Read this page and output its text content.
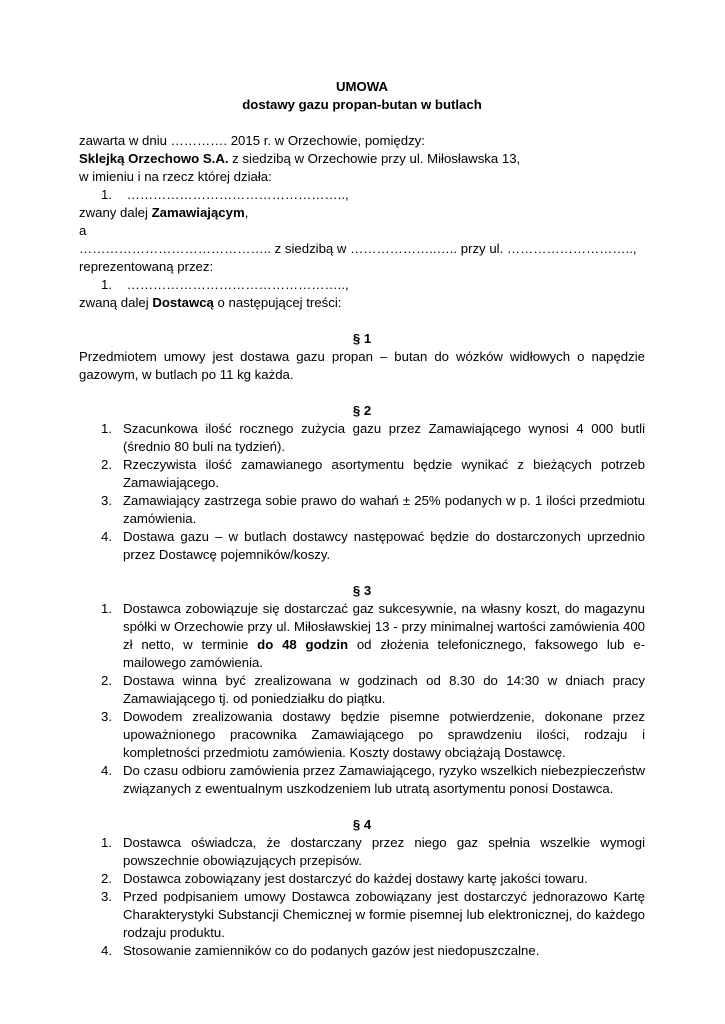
UMOWA

dostawy gazu propan-butan w butlach

zawarta w dniu …………. 2015 r. w Orzechowie, pomiędzy:

Sklejką Orzechowo S.A. z siedzibą w Orzechowie przy ul. Miłosławska 13,

w imieniu i na rzecz której działa:

1. …………………………………………..,

zwany dalej Zamawiającym,

a

…………………………………….. z siedzibą w ………………..….. przy ul. ………………………..,

reprezentowaną przez:

1. …………………………………………..,

zwaną dalej Dostawcą o następującej treści:

§ 1

Przedmiotem umowy jest dostawa gazu propan – butan do wózków widłowych o napędzie gazowym, w butlach po 11 kg każda.

§ 2

1. Szacunkowa ilość rocznego zużycia gazu przez Zamawiającego wynosi 4 000 butli (średnio 80 buli na tydzień).
2. Rzeczywista ilość zamawianego asortymentu będzie wynikać z bieżących potrzeb Zamawiającego.
3. Zamawiający zastrzega sobie prawo do wahań ± 25% podanych w p. 1 ilości przedmiotu zamówienia.
4. Dostawa gazu – w butlach dostawcy następować będzie do dostarczonych uprzednio przez Dostawcę pojemników/koszy.

§ 3

1. Dostawca zobowiązuje się dostarczać gaz sukcesywnie, na własny koszt, do magazynu spółki w Orzechowie przy ul. Miłosławskiej 13 - przy minimalnej wartości zamówienia 400 zł netto, w terminie do 48 godzin od złożenia telefonicznego, faksowego lub e-mailowego zamówienia.
2. Dostawa winna być zrealizowana w godzinach od 8.30 do 14:30 w dniach pracy Zamawiającego tj. od poniedziałku do piątku.
3. Dowodem zrealizowania dostawy będzie pisemne potwierdzenie, dokonane przez upoważnionego pracownika Zamawiającego po sprawdzeniu ilości, rodzaju i kompletności przedmiotu zamówienia. Koszty dostawy obciążają Dostawcę.
4. Do czasu odbioru zamówienia przez Zamawiającego, ryzyko wszelkich niebezpieczeństw związanych z ewentualnym uszkodzeniem lub utratą asortymentu ponosi Dostawca.

§ 4

1. Dostawca oświadcza, że dostarczany przez niego gaz spełnia wszelkie wymogi powszechnie obowiązujących przepisów.
2. Dostawca zobowiązany jest dostarczyć do każdej dostawy kartę jakości towaru.
3. Przed podpisaniem umowy Dostawca zobowiązany jest dostarczyć jednorazowo Kartę Charakterystyki Substancji Chemicznej w formie pisemnej lub elektronicznej, do każdego rodzaju produktu.
4. Stosowanie zamienników co do podanych gazów jest niedopuszczalne.
